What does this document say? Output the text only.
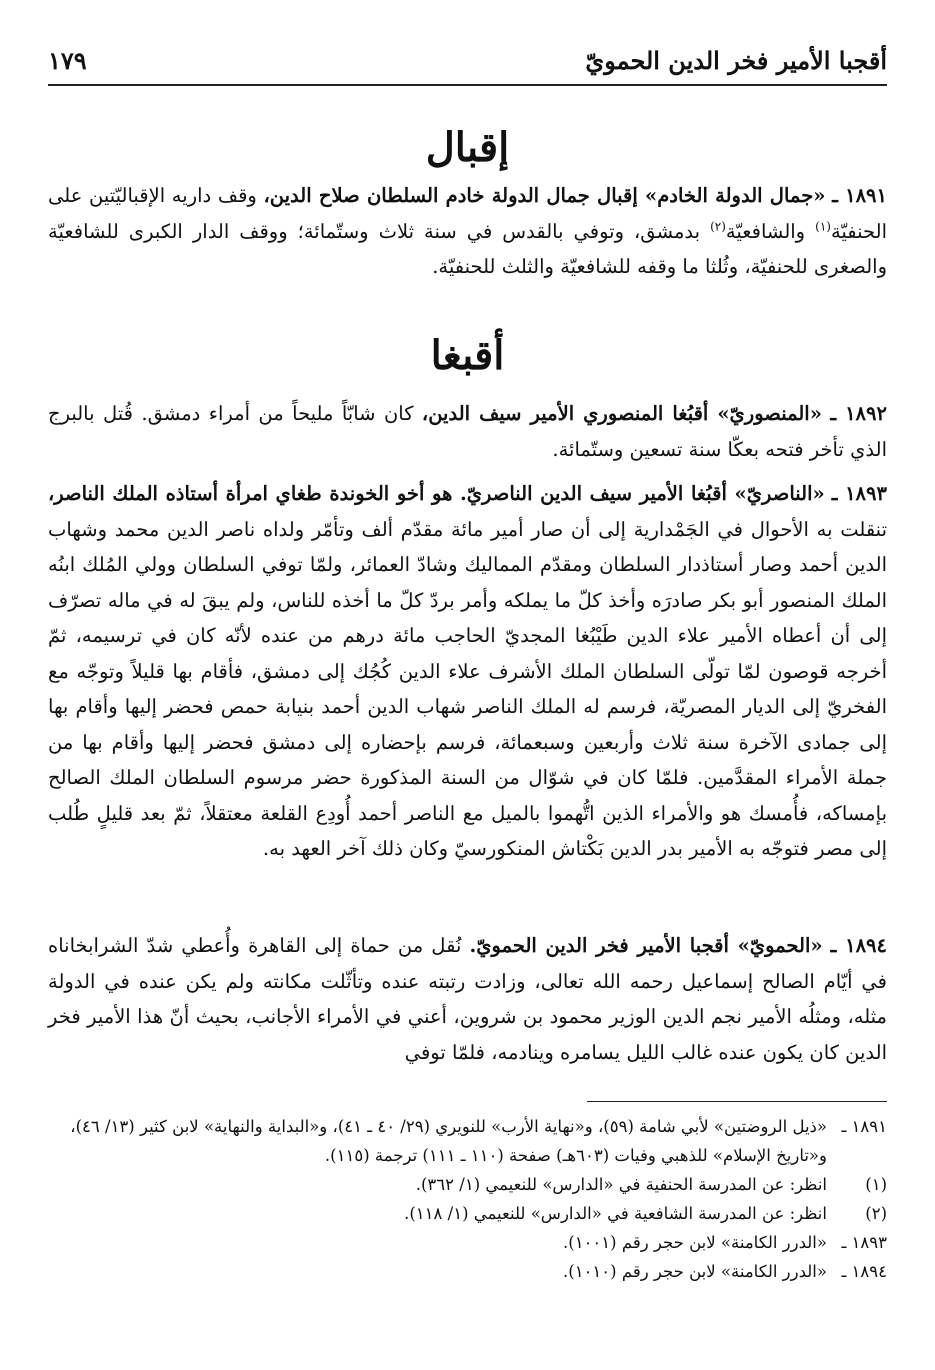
أقجبا الأمير فخر الدين الحمويّ
١٧٩
إقبال

١٨٩١ ـ «جمال الدولة الخادم» إقبال جمال الدولة خادم السلطان صلاح الدين، وقف داريه الإقباليّتين على الحنفيّة$^{(١)}$ والشافعيّة$^{(٢)}$ بدمشق، وتوفي بالقدس في سنة ثلاث وستّمائة؛ ووقف الدار الكبرى للشافعيّة والصغرى للحنفيّة، وثُلثا ما وقفه للشافعيّة والثلث للحنفيّة.

أقبغا

١٨٩٢ ـ «المنصوريّ» أقبُغا المنصوري الأمير سيف الدين، كان شابّاً مليحاً من أمراء دمشق. قُتل بالبرج الذي تأخر فتحه بعكّا سنة تسعين وستّمائة.

١٨٩٣ ـ «الناصريّ» أقبُغا الأمير سيف الدين الناصريّ. هو أخو الخوندة طغاي امرأة أستاذه الملك الناصر، تنقلت به الأحوال في الجَمْدارية إلى أن صار أمير مائة مقدّم ألف وتأمّر ولداه ناصر الدين محمد وشهاب الدين أحمد وصار أستاذدار السلطان ومقدّم المماليك وشادّ العمائر، ولمّا توفي السلطان وولي المُلك ابنُه الملك المنصور أبو بكر صادرَه وأخذ كلّ ما يملكه وأمر بردّ كلّ ما أخذه للناس، ولم يبقَ له في ماله تصرّف إلى أن أعطاه الأمير علاء الدين طَيْبُغا المجديّ الحاجب مائة درهم من عنده لأنّه كان في ترسيمه، ثمّ أخرجه قوصون لمّا تولّى السلطان الملك الأشرف علاء الدين كُجُك إلى دمشق، فأقام بها قليلاً وتوجّه مع الفخريّ إلى الديار المصريّة، فرسم له الملك الناصر شهاب الدين أحمد بنيابة حمص فحضر إليها وأقام بها إلى جمادى الآخرة سنة ثلاث وأربعين وسبعمائة، فرسم بإحضاره إلى دمشق فحضر إليها وأقام بها من جملة الأمراء المقدَّمين. فلمّا كان في شوّال من السنة المذكورة حضر مرسوم السلطان الملك الصالح بإمساكه، فأُمسك هو والأمراء الذين اتُّهموا بالميل مع الناصر أحمد أُودِع القلعة معتقلاً، ثمّ بعد قليلٍ طُلب إلى مصر فتوجّه به الأمير بدر الدين بَكْتاش المنكورسيّ وكان ذلك آخر العهد به.

١٨٩٤ ـ «الحمويّ» أقجبا الأمير فخر الدين الحمويّ. نُقل من حماة إلى القاهرة وأُعطي شدّ الشرابخاناه في أيّام الصالح إسماعيل رحمه الله تعالى، وزادت رتبته عنده وتأثّلت مكانته ولم يكن عنده في الدولة مثله، ومثلُه الأمير نجم الدين الوزير محمود بن شروين، أعني في الأمراء الأجانب، بحيث أنّ هذا الأمير فخر الدين كان يكون عنده غالب الليل يسامره وينادمه، فلمّا توفي

١٨٩١ ـ
«ذيل الروضتين» لأبي شامة (٥٩)، و«نهاية الأرب» للنويري (٢٩/ ٤٠ ـ ٤١)، و«البداية والنهاية» لابن كثير (١٣/ ٤٦)، و«تاريخ الإسلام» للذهبي وفيات (٦٠٣هـ) صفحة (١١٠ ـ ١١١) ترجمة (١١٥).
(١)
انظر: عن المدرسة الحنفية في «الدارس» للنعيمي (١/ ٣٦٢).
(٢)
انظر: عن المدرسة الشافعية في «الدارس» للنعيمي (١/ ١١٨).
١٨٩٣ ـ
«الدرر الكامنة» لابن حجر رقم (١٠٠١).
١٨٩٤ ـ
«الدرر الكامنة» لابن حجر رقم (١٠١٠).
